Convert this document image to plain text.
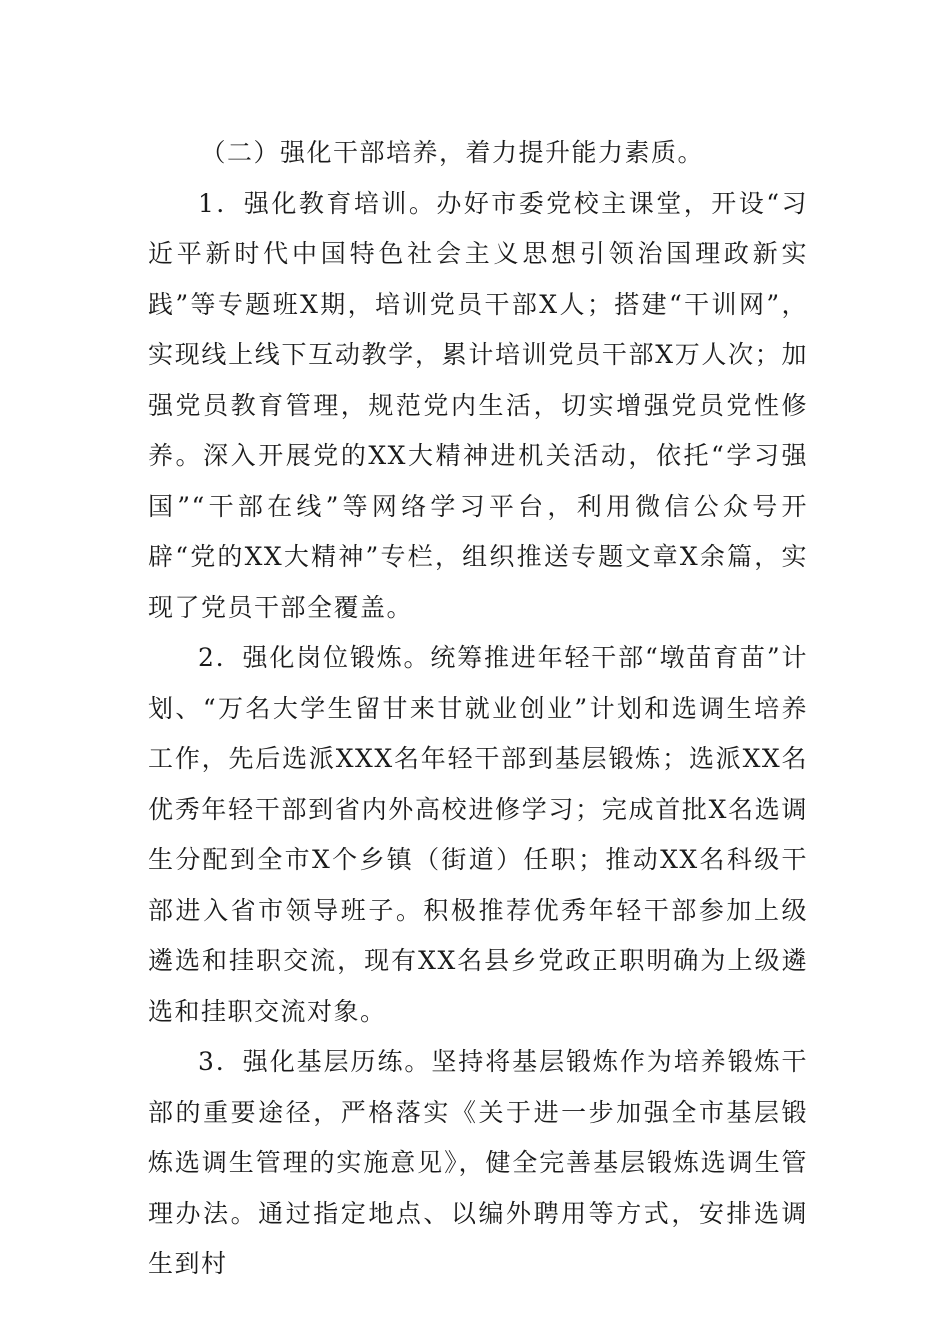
（二）强化干部培养，着力提升能力素质。

1．强化教育培训。办好市委党校主课堂，开设“习近平新时代中国特色社会主义思想引领治国理政新实践”等专题班X期，培训党员干部X人；搭建“干训网”，实现线上线下互动教学，累计培训党员干部X万人次；加强党员教育管理，规范党内生活，切实增强党员党性修养。深入开展党的XX大精神进机关活动，依托“学习强国”“干部在线”等网络学习平台，利用微信公众号开辟“党的XX大精神”专栏，组织推送专题文章X余篇，实现了党员干部全覆盖。

2．强化岗位锻炼。统筹推进年轻干部“墩苗育苗”计划、“万名大学生留甘来甘就业创业”计划和选调生培养工作，先后选派XXX名年轻干部到基层锻炼；选派XX名优秀年轻干部到省内外高校进修学习；完成首批X名选调生分配到全市X个乡镇（街道）任职；推动XX名科级干部进入省市领导班子。积极推荐优秀年轻干部参加上级遴选和挂职交流，现有XX名县乡党政正职明确为上级遴选和挂职交流对象。

3．强化基层历练。坚持将基层锻炼作为培养锻炼干部的重要途径，严格落实《关于进一步加强全市基层锻炼选调生管理的实施意见》，健全完善基层锻炼选调生管理办法。通过指定地点、以编外聘用等方式，安排选调生到村
